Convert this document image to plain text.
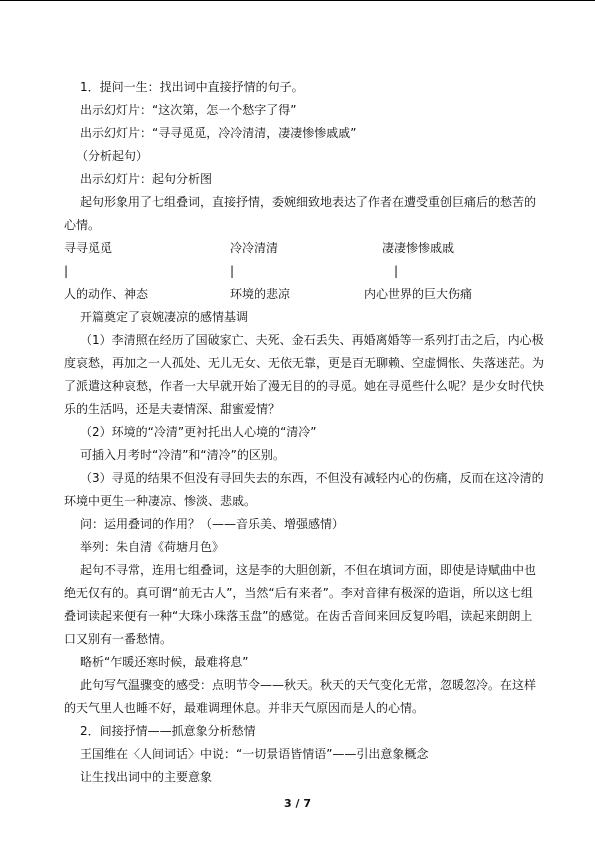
1．提问一生：找出词中直接抒情的句子。
出示幻灯片：“这次第，怎一个愁字了得”
出示幻灯片：“寻寻觅觅，冷冷清清，凄凄惨惨戚戚”
（分析起句）
出示幻灯片：起句分析图
起句形象用了七组叠词，直接抒情，委婉细致地表达了作者在遭受重创巨痛后的愁苦的
心情。
寻寻觅觅	冷冷清清	凄凄惨惨戚戚
|	|	|
人的动作、神态	环境的悲凉	内心世界的巨大伤痛
开篇奠定了哀婉凄凉的感情基调
（1）李清照在经历了国破家亡、夫死、金石丢失、再婚离婚等一系列打击之后，内心极
度哀愁，再加之一人孤处、无儿无女、无依无靠，更是百无聊赖、空虚惆怅、失落迷茫。为
了派遣这种哀愁，作者一大早就开始了漫无目的的寻觅。她在寻觅些什么呢？是少女时代快
乐的生活吗，还是夫妻情深、甜蜜爱情？
（2）环境的“冷清”更衬托出人心境的“清冷”
可插入月考时“冷清”和“清冷”的区别。
（3）寻觅的结果不但没有寻回失去的东西，不但没有减轻内心的伤痛，反而在这冷清的
环境中更生一种凄凉、惨淡、悲戚。
问：运用叠词的作用？（——音乐美、增强感情）
举列：朱自清《荷塘月色》
起句不寻常，连用七组叠词，这是李的大胆创新，不但在填词方面，即使是诗赋曲中也
绝无仅有的。真可谓“前无古人”，当然“后有来者”。李对音律有极深的造诣，所以这七组
叠词读起来便有一种“大珠小珠落玉盘”的感觉。在齿舌音间来回反复吟唱，读起来朗朗上
口又别有一番愁情。
略析“乍暖还寒时候，最难将息”
此句写气温骤变的感受：点明节令——秋天。秋天的天气变化无常，忽暖忽冷。在这样
的天气里人也睡不好，最难调理休息。并非天气原因而是人的心情。
2．间接抒情——抓意象分析愁情
王国维在〈人间词话〉中说：“一切景语皆情语”——引出意象概念
让生找出词中的主要意象
3 / 7
